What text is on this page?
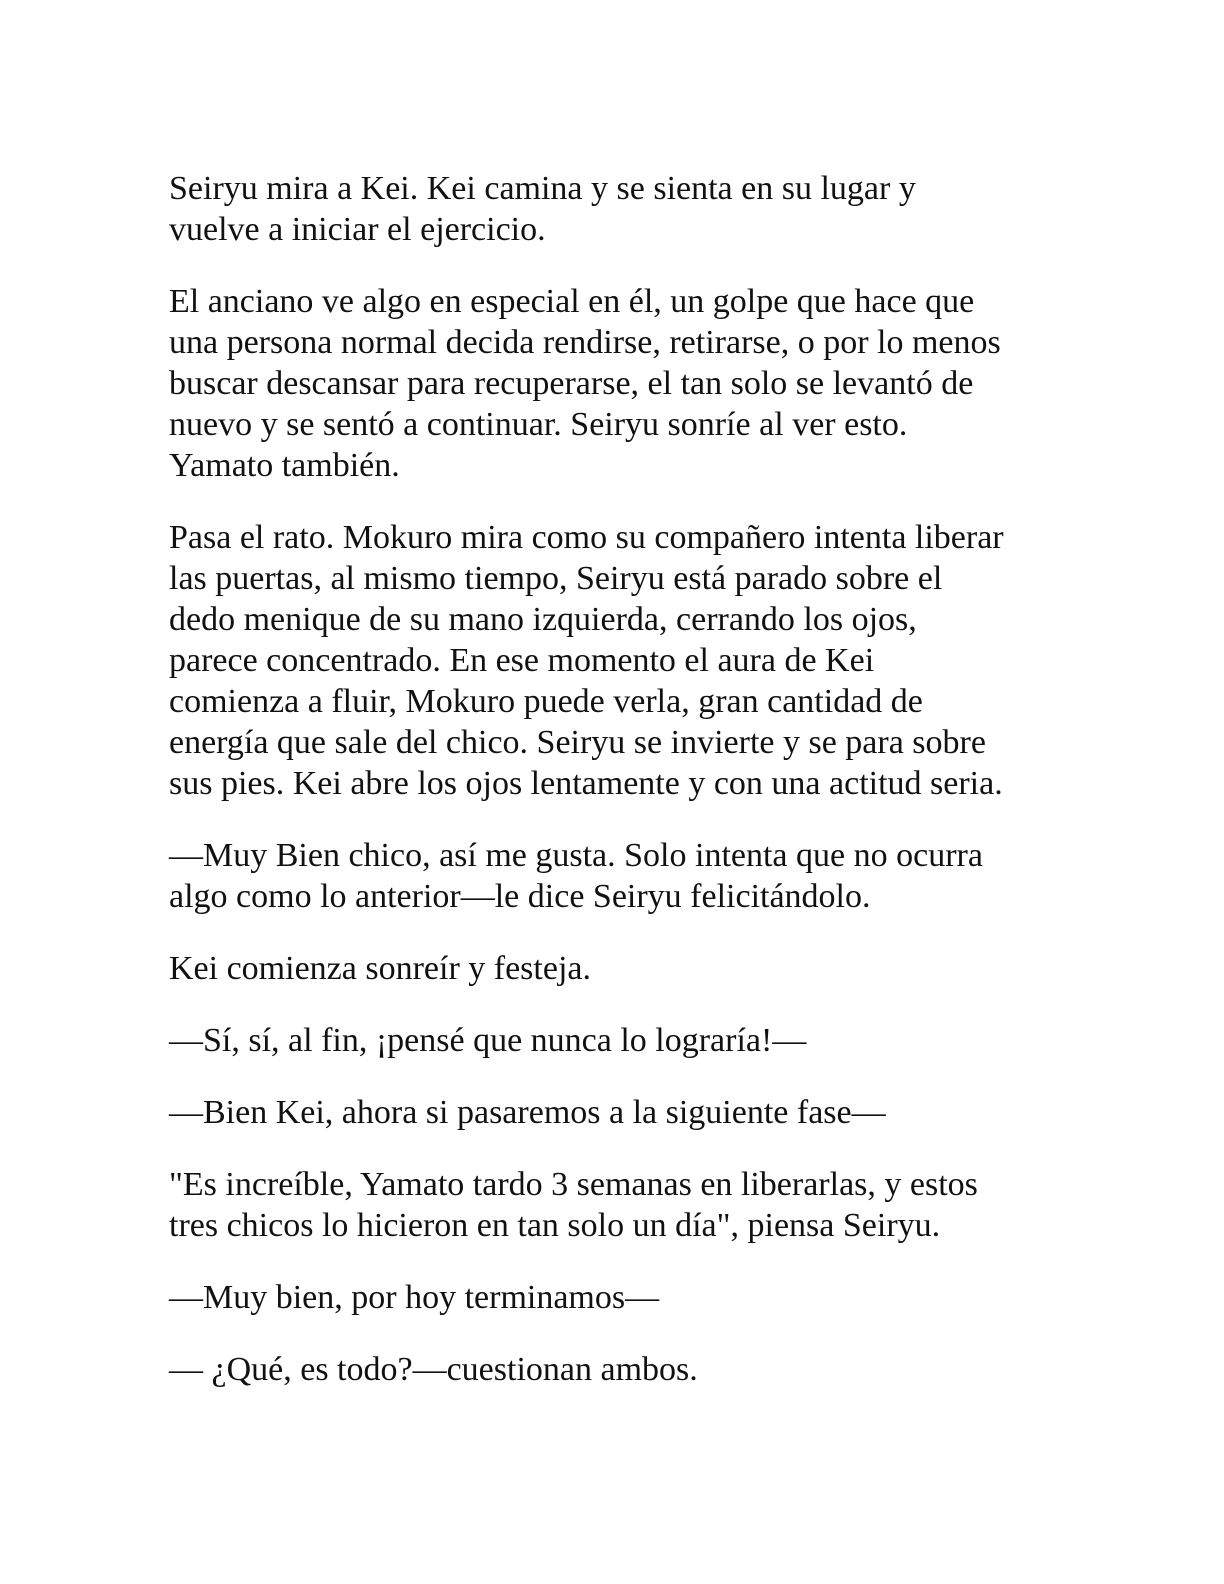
Seiryu mira a Kei. Kei camina y se sienta en su lugar y
vuelve a iniciar el ejercicio.

El anciano ve algo en especial en él, un golpe que hace que
una persona normal decida rendirse, retirarse, o por lo menos
buscar descansar para recuperarse, el tan solo se levantó de
nuevo y se sentó a continuar. Seiryu sonríe al ver esto.
Yamato también.

Pasa el rato. Mokuro mira como su compañero intenta liberar
las puertas, al mismo tiempo, Seiryu está parado sobre el
dedo menique de su mano izquierda, cerrando los ojos,
parece concentrado. En ese momento el aura de Kei
comienza a fluir, Mokuro puede verla, gran cantidad de
energía que sale del chico. Seiryu se invierte y se para sobre
sus pies. Kei abre los ojos lentamente y con una actitud seria.

—Muy Bien chico, así me gusta. Solo intenta que no ocurra
algo como lo anterior—le dice Seiryu felicitándolo.

Kei comienza sonreír y festeja.

—Sí, sí, al fin, ¡pensé que nunca lo lograría!—

—Bien Kei, ahora si pasaremos a la siguiente fase—

"Es increíble, Yamato tardo 3 semanas en liberarlas, y estos
tres chicos lo hicieron en tan solo un día", piensa Seiryu.

—Muy bien, por hoy terminamos—

— ¿Qué, es todo?—cuestionan ambos.
